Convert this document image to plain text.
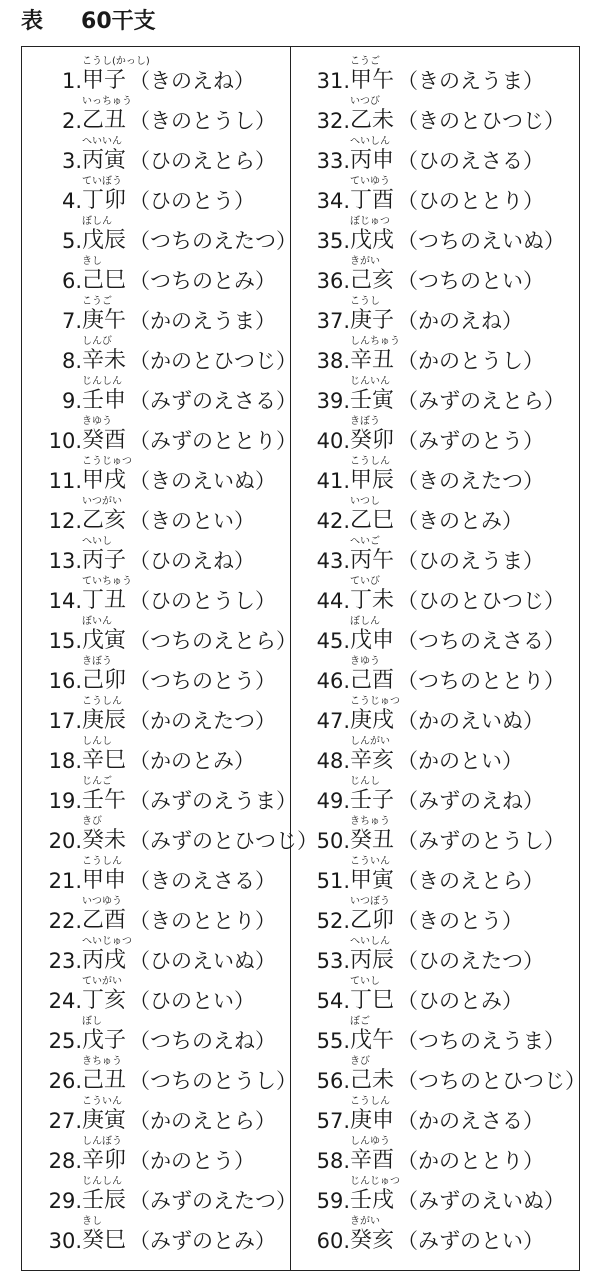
表 60干支
こうし(かっし)
1. 甲子 （きのえね）
いっちゅう
2. 乙丑 （きのとうし）
へいいん
3. 丙寅 （ひのえとら）
ていぼう
4. 丁卯 （ひのとう）
ぼしん
5. 戊辰 （つちのえたつ）
きし
6. 己巳 （つちのとみ）
こうご
7. 庚午 （かのえうま）
しんび
8. 辛未 （かのとひつじ）
じんしん
9. 壬申 （みずのえさる）
きゆう
10. 癸酉 （みずのととり）
こうじゅつ
11. 甲戌 （きのえいぬ）
いつがい
12. 乙亥 （きのとい）
へいし
13. 丙子 （ひのえね）
ていちゅう
14. 丁丑 （ひのとうし）
ぼいん
15. 戊寅 （つちのえとら）
きぼう
16. 己卯 （つちのとう）
こうしん
17. 庚辰 （かのえたつ）
しんし
18. 辛巳 （かのとみ）
じんご
19. 壬午 （みずのえうま）
きび
20. 癸未 （みずのとひつじ）
こうしん
21. 甲申 （きのえさる）
いつゆう
22. 乙酉 （きのととり）
へいじゅつ
23. 丙戌 （ひのえいぬ）
ていがい
24. 丁亥 （ひのとい）
ぼし
25. 戊子 （つちのえね）
きちゅう
26. 己丑 （つちのとうし）
こういん
27. 庚寅 （かのえとら）
しんぼう
28. 辛卯 （かのとう）
じんしん
29. 壬辰 （みずのえたつ）
きし
30. 癸巳 （みずのとみ）
こうご
31. 甲午 （きのえうま）
いつび
32. 乙未 （きのとひつじ）
へいしん
33. 丙申 （ひのえさる）
ていゆう
34. 丁酉 （ひのととり）
ぼじゅつ
35. 戊戌 （つちのえいぬ）
きがい
36. 己亥 （つちのとい）
こうし
37. 庚子 （かのえね）
しんちゅう
38. 辛丑 （かのとうし）
じんいん
39. 壬寅 （みずのえとら）
きぼう
40. 癸卯 （みずのとう）
こうしん
41. 甲辰 （きのえたつ）
いつし
42. 乙巳 （きのとみ）
へいご
43. 丙午 （ひのえうま）
ていび
44. 丁未 （ひのとひつじ）
ぼしん
45. 戊申 （つちのえさる）
きゆう
46. 己酉 （つちのととり）
こうじゅつ
47. 庚戌 （かのえいぬ）
しんがい
48. 辛亥 （かのとい）
じんし
49. 壬子 （みずのえね）
きちゅう
50. 癸丑 （みずのとうし）
こういん
51. 甲寅 （きのえとら）
いつぼう
52. 乙卯 （きのとう）
へいしん
53. 丙辰 （ひのえたつ）
ていし
54. 丁巳 （ひのとみ）
ぼご
55. 戊午 （つちのえうま）
きび
56. 己未 （つちのとひつじ）
こうしん
57. 庚申 （かのえさる）
しんゆう
58. 辛酉 （かのととり）
じんじゅつ
59. 壬戌 （みずのえいぬ）
きがい
60. 癸亥 （みずのとい）
